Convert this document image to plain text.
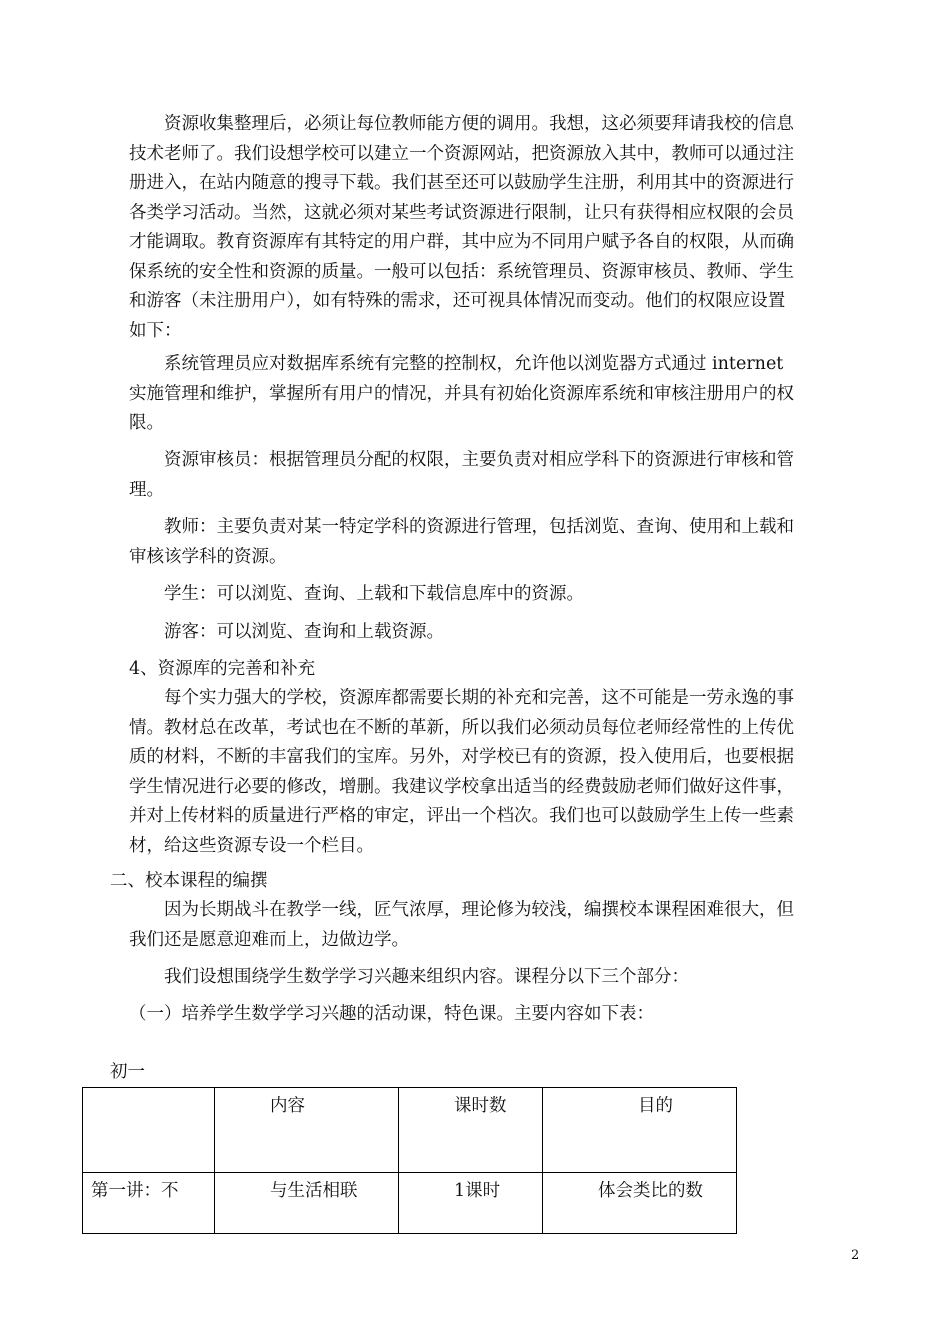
资源收集整理后，必须让每位教师能方便的调用。我想，这必须要拜请我校的信息
技术老师了。我们设想学校可以建立一个资源网站，把资源放入其中，教师可以通过注
册进入，在站内随意的搜寻下载。我们甚至还可以鼓励学生注册，利用其中的资源进行
各类学习活动。当然，这就必须对某些考试资源进行限制，让只有获得相应权限的会员
才能调取。教育资源库有其特定的用户群，其中应为不同用户赋予各自的权限，从而确
保系统的安全性和资源的质量。一般可以包括：系统管理员、资源审核员、教师、学生
和游客（未注册用户），如有特殊的需求，还可视具体情况而变动。他们的权限应设置
如下：
系统管理员应对数据库系统有完整的控制权，允许他以浏览器方式通过 internet
实施管理和维护，掌握所有用户的情况，并具有初始化资源库系统和审核注册用户的权
限。
资源审核员：根据管理员分配的权限，主要负责对相应学科下的资源进行审核和管
理。
教师：主要负责对某一特定学科的资源进行管理，包括浏览、查询、使用和上载和
审核该学科的资源。
学生：可以浏览、查询、上载和下载信息库中的资源。
游客：可以浏览、查询和上载资源。
4、资源库的完善和补充
每个实力强大的学校，资源库都需要长期的补充和完善，这不可能是一劳永逸的事
情。教材总在改革，考试也在不断的革新，所以我们必须动员每位老师经常性的上传优
质的材料，不断的丰富我们的宝库。另外，对学校已有的资源，投入使用后，也要根据
学生情况进行必要的修改，增删。我建议学校拿出适当的经费鼓励老师们做好这件事，
并对上传材料的质量进行严格的审定，评出一个档次。我们也可以鼓励学生上传一些素
材，给这些资源专设一个栏目。
二、校本课程的编撰
因为长期战斗在教学一线，匠气浓厚，理论修为较浅，编撰校本课程困难很大，但
我们还是愿意迎难而上，边做边学。
我们设想围绕学生数学学习兴趣来组织内容。课程分以下三个部分：
（一）培养学生数学学习兴趣的活动课，特色课。主要内容如下表：
初一
	内容	课时数	目的
第一讲：不	与生活相联	1课时	体会类比的数
2
